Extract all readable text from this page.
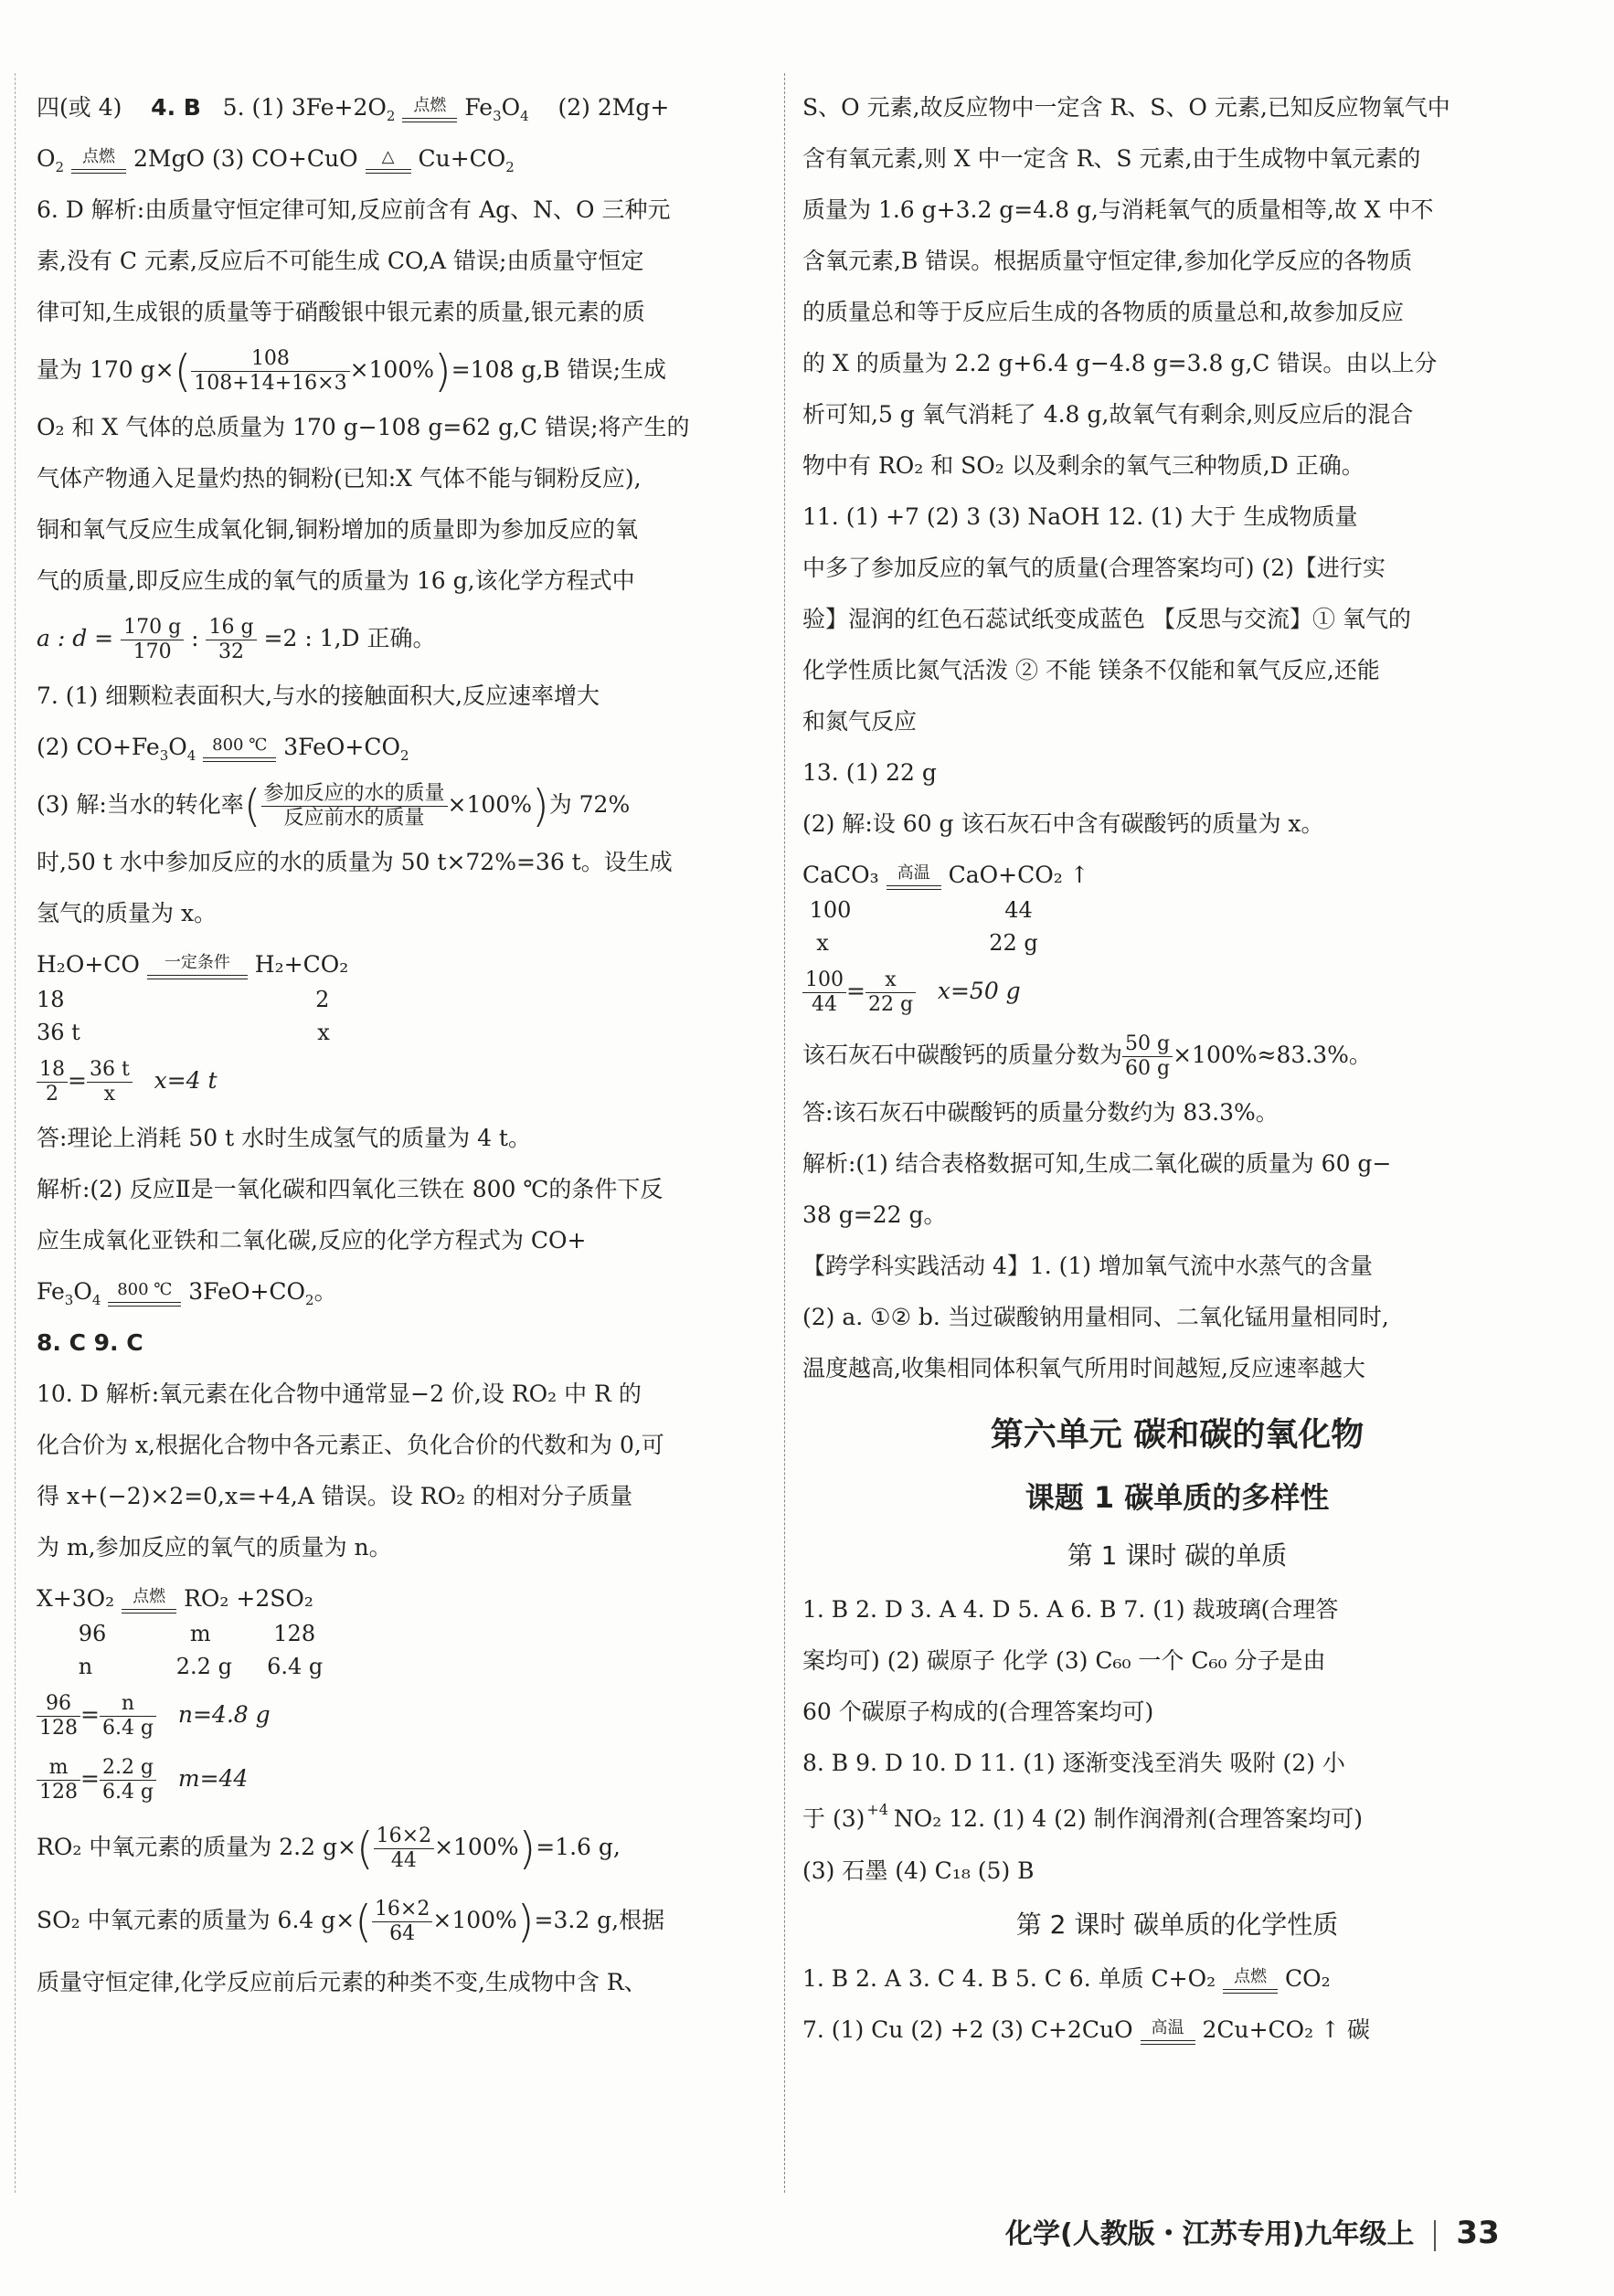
四(或 4) 4. B 5. (1) $3Fe+2O_2$
点燃 $Fe_3O_4$ (2) 2Mg+
$O_2$
点燃 2MgO (3) CO+CuO	△	$Cu+CO_2$
6. D 解析:由质量守恒定律可知,反应前含有 Ag、N、O 三种元
素,没有 C 元素,反应后不可能生成 CO,A 错误;由质量守恒定
律可知,生成银的质量等于硝酸银中银元素的质量,银元素的质
量为 170 $g\times( \frac{108}{108+14+16\times 3} \times 100\%)=108$ g,B 错误;生成
O₂ 和 X 气体的总质量为 170 g−108 g=62 g,C 错误;将产生的
气体产物通入足量灼热的铜粉(已知:X 气体不能与铜粉反应),
铜和氧气反应生成氧化铜,铜粉增加的质量即为参加反应的氧
气的质量,即反应生成的氧气的质量为 16 g,该化学方程式中
a : $d = \frac{170 g}{170}$ : $\frac{16 g}{32} =2$ : 1,D 正确。
7. (1) 细颗粒表面积大,与水的接触面积大,反应速率增大
(2) $CO+Fe_3O_4$
800 ℃ $3FeO+CO_2$
(3) 解:当水的转化率( $\frac{\text{参加反应的水的质量}}{\text{反应前水的质量}} \times 100\%$)为 72%
时,50 t 水中参加反应的水的质量为 50 t×72%=36 t。设生成
氢气的质量为 x。
H₂O+CO	一定条件	H₂+CO₂
18                                    2
36 t                                  x
$\frac{18}{2} = \frac{36 t}{x} x=4$ t
答:理论上消耗 50 t 水时生成氢气的质量为 4 t。
解析:(2) 反应Ⅱ是一氧化碳和四氧化三铁在 800 ℃的条件下反
应生成氧化亚铁和二氧化碳,反应的化学方程式为 CO+
$Fe_3O_4$
800 ℃ $3FeO+CO_2$。
8. C 9. C
10. D 解析:氧元素在化合物中通常显−2 价,设 RO₂ 中 R 的
化合价为 x,根据化合物中各元素正、负化合价的代数和为 0,可
得 x+(−2)×2=0,x=+4,A 错误。设 RO₂ 的相对分子质量
为 m,参加反应的氧气的质量为 n。
X+3O₂	点燃 RO₂ +2SO₂
96            m         128
n            2.2 g     6.4 g
$\frac{96}{128} = \frac{n}{6.4 g} n=4.8$ g
$\frac{m}{128} = \frac{2.2 g}{6.4 g} m=44$
RO₂ 中氧元素的质量为 2.2 $g\times( \frac{16\times 2}{44} \times 100\%)=1.6$ g,
SO₂ 中氧元素的质量为 6.4 $g\times( \frac{16\times 2}{64} \times 100\%)=3.2$ g,根据
质量守恒定律,化学反应前后元素的种类不变,生成物中含 R、
S、O 元素,故反应物中一定含 R、S、O 元素,已知反应物氧气中
含有氧元素,则 X 中一定含 R、S 元素,由于生成物中氧元素的
质量为 1.6 g+3.2 g=4.8 g,与消耗氧气的质量相等,故 X 中不
含氧元素,B 错误。根据质量守恒定律,参加化学反应的各物质
的质量总和等于反应后生成的各物质的质量总和,故参加反应
的 X 的质量为 2.2 g+6.4 g−4.8 g=3.8 g,C 错误。由以上分
析可知,5 g 氧气消耗了 4.8 g,故氧气有剩余,则反应后的混合
物中有 RO₂ 和 SO₂ 以及剩余的氧气三种物质,D 正确。
11. (1) +7 (2) 3 (3) NaOH 12. (1) 大于 生成物质量
中多了参加反应的氧气的质量(合理答案均可) (2)【进行实
验】湿润的红色石蕊试纸变成蓝色 【反思与交流】① 氧气的
化学性质比氮气活泼 ② 不能 镁条不仅能和氧气反应,还能
和氮气反应
13. (1) 22 g
(2) 解:设 60 g 该石灰石中含有碳酸钙的质量为 x。
CaCO₃	高温 CaO+CO₂ ↑
100                      44
x                       22 g
$\frac{100}{44} = \frac{x}{22 g} x=50$ g
该石灰石中碳酸钙的质量分数为 $\frac{50 g}{60 g} \times 100\%\approx 83.3\%$。
答:该石灰石中碳酸钙的质量分数约为 83.3%。
解析:(1) 结合表格数据可知,生成二氧化碳的质量为 60 g−
38 g=22 g。
【跨学科实践活动 4】1. (1) 增加氧气流中水蒸气的含量
(2) a. ①② b. 当过碳酸钠用量相同、二氧化锰用量相同时,
温度越高,收集相同体积氧气所用时间越短,反应速率越大
第六单元 碳和碳的氧化物
课题 1 碳单质的多样性
第 1 课时 碳的单质
1. B 2. D 3. A 4. D 5. A 6. B 7. (1) 裁玻璃(合理答
案均可) (2) 碳原子 化学 (3) C₆₀ 一个 C₆₀ 分子是由
60 个碳原子构成的(合理答案均可)
8. B 9. D 10. D 11. (1) 逐渐变浅至消失 吸附 (2) 小
于 (3) $^{+4}$ NO₂ 12. (1) 4 (2) 制作润滑剂(合理答案均可)
(3) 石墨 (4) C₁₈ (5) B
第 2 课时 碳单质的化学性质
1. B 2. A 3. C 4. B 5. C 6. 单质 C+O₂	点燃 CO₂
7. (1) Cu (2) +2 (3) C+2CuO	高温 2Cu+CO₂ ↑ 碳
化学(人教版・江苏专用)九年级上 33
